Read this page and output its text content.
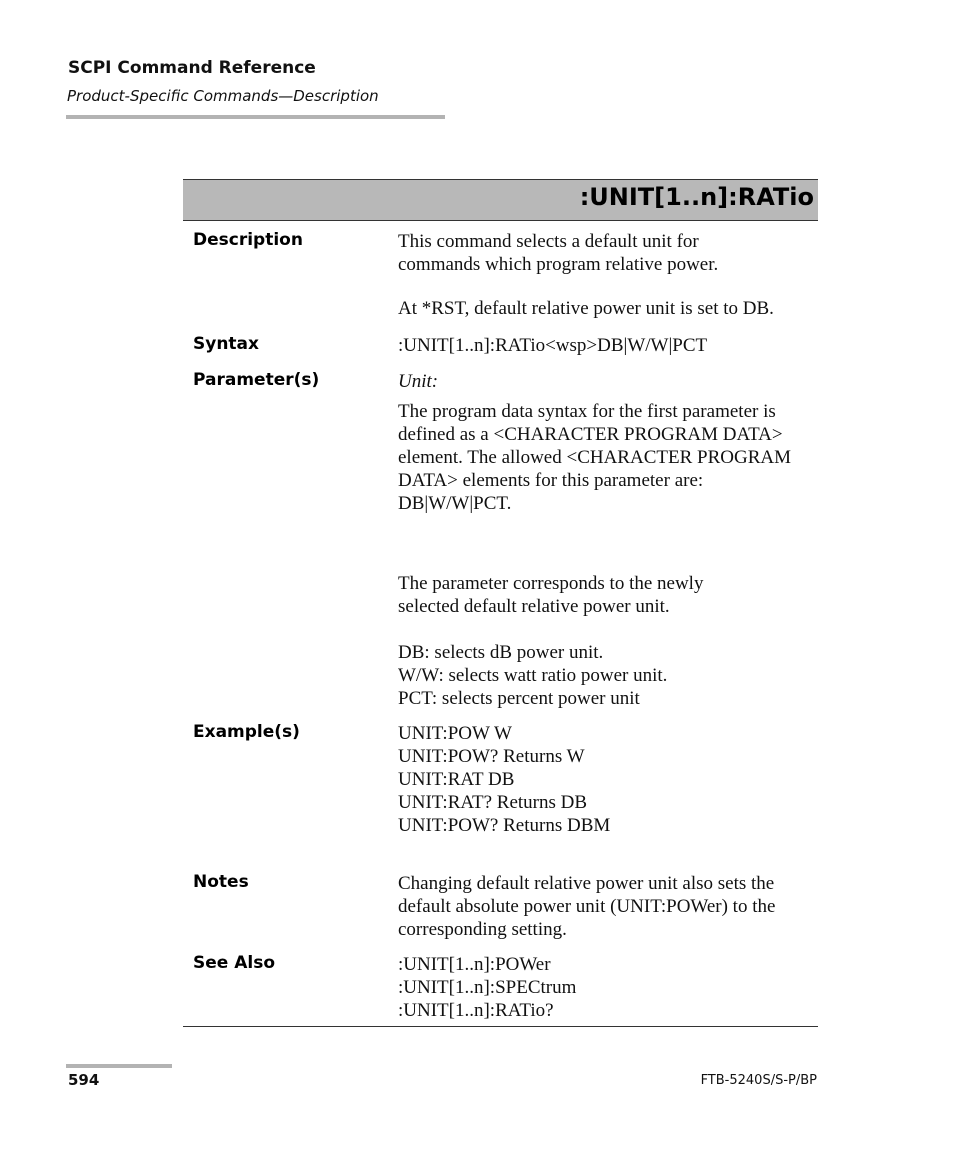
SCPI Command Reference
Product-Specific Commands—Description
:UNIT[1..n]:RATio
Description	This command selects a default unit for
commands which program relative power.
At *RST, default relative power unit is set to DB.
Syntax	:UNIT[1..n]:RATio<wsp>DB|W/W|PCT
Parameter(s)	Unit:
The program data syntax for the first parameter is
defined as a <CHARACTER PROGRAM DATA>
element. The allowed <CHARACTER PROGRAM
DATA> elements for this parameter are:
DB|W/W|PCT.
The parameter corresponds to the newly
selected default relative power unit.
DB: selects dB power unit.
W/W: selects watt ratio power unit.
PCT: selects percent power unit
Example(s)	UNIT:POW W
UNIT:POW? Returns W
UNIT:RAT DB
UNIT:RAT? Returns DB
UNIT:POW? Returns DBM
Notes	Changing default relative power unit also sets the
default absolute power unit (UNIT:POWer) to the
corresponding setting.
See Also	:UNIT[1..n]:POWer
:UNIT[1..n]:SPECtrum
:UNIT[1..n]:RATio?
594	FTB-5240S/S-P/BP
